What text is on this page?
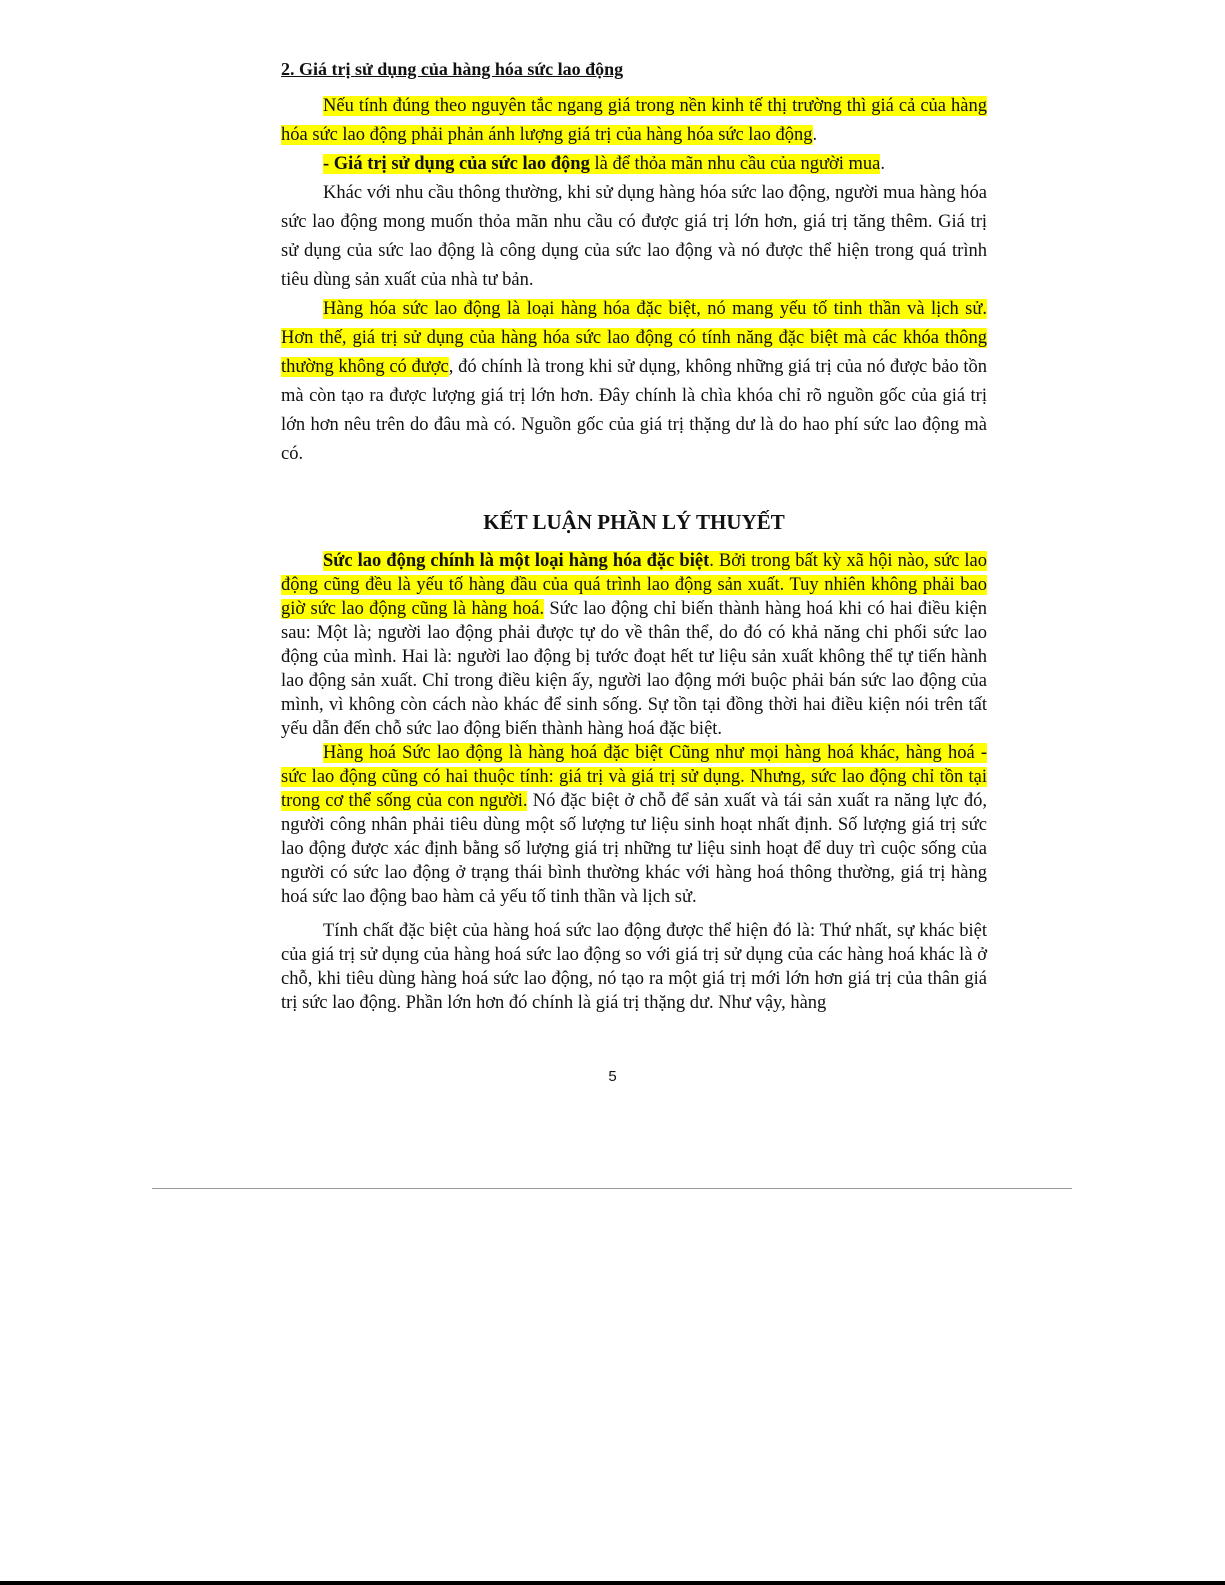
2. Giá trị sử dụng của hàng hóa sức lao động

Nếu tính đúng theo nguyên tắc ngang giá trong nền kinh tế thị trường thì giá cả của hàng hóa sức lao động phải phản ánh lượng giá trị của hàng hóa sức lao động.

- Giá trị sử dụng của sức lao động là để thỏa mãn nhu cầu của người mua.

Khác với nhu cầu thông thường, khi sử dụng hàng hóa sức lao động, người mua hàng hóa sức lao động mong muốn thỏa mãn nhu cầu có được giá trị lớn hơn, giá trị tăng thêm. Giá trị sử dụng của sức lao động là công dụng của sức lao động và nó được thể hiện trong quá trình tiêu dùng sản xuất của nhà tư bản.

Hàng hóa sức lao động là loại hàng hóa đặc biệt, nó mang yếu tố tinh thần và lịch sử. Hơn thế, giá trị sử dụng của hàng hóa sức lao động có tính năng đặc biệt mà các khóa thông thường không có được, đó chính là trong khi sử dụng, không những giá trị của nó được bảo tồn mà còn tạo ra được lượng giá trị lớn hơn. Đây chính là chìa khóa chỉ rõ nguồn gốc của giá trị lớn hơn nêu trên do đâu mà có. Nguồn gốc của giá trị thặng dư là do hao phí sức lao động mà có.

KẾT LUẬN PHẦN LÝ THUYẾT

Sức lao động chính là một loại hàng hóa đặc biệt. Bởi trong bất kỳ xã hội nào, sức lao động cũng đều là yếu tố hàng đầu của quá trình lao động sản xuất. Tuy nhiên không phải bao giờ sức lao động cũng là hàng hoá. Sức lao động chỉ biến thành hàng hoá khi có hai điều kiện sau: Một là; người lao động phải được tự do về thân thể, do đó có khả năng chi phối sức lao động của mình. Hai là: người lao động bị tước đoạt hết tư liệu sản xuất không thể tự tiến hành lao động sản xuất. Chỉ trong điều kiện ấy, người lao động mới buộc phải bán sức lao động của mình, vì không còn cách nào khác để sinh sống. Sự tồn tại đồng thời hai điều kiện nói trên tất yếu dẫn đến chỗ sức lao động biến thành hàng hoá đặc biệt.

Hàng hoá Sức lao động là hàng hoá đặc biệt Cũng như mọi hàng hoá khác, hàng hoá - sức lao động cũng có hai thuộc tính: giá trị và giá trị sử dụng. Nhưng, sức lao động chỉ tồn tại trong cơ thể sống của con người. Nó đặc biệt ở chỗ để sản xuất và tái sản xuất ra năng lực đó, người công nhân phải tiêu dùng một số lượng tư liệu sinh hoạt nhất định. Số lượng giá trị sức lao động được xác định bằng số lượng giá trị những tư liệu sinh hoạt để duy trì cuộc sống của người có sức lao động ở trạng thái bình thường khác với hàng hoá thông thường, giá trị hàng hoá sức lao động bao hàm cả yếu tố tinh thần và lịch sử.

Tính chất đặc biệt của hàng hoá sức lao động được thể hiện đó là: Thứ nhất, sự khác biệt của giá trị sử dụng của hàng hoá sức lao động so với giá trị sử dụng của các hàng hoá khác là ở chỗ, khi tiêu dùng hàng hoá sức lao động, nó tạo ra một giá trị mới lớn hơn giá trị của thân giá trị sức lao động. Phần lớn hơn đó chính là giá trị thặng dư. Như vậy, hàng

5
